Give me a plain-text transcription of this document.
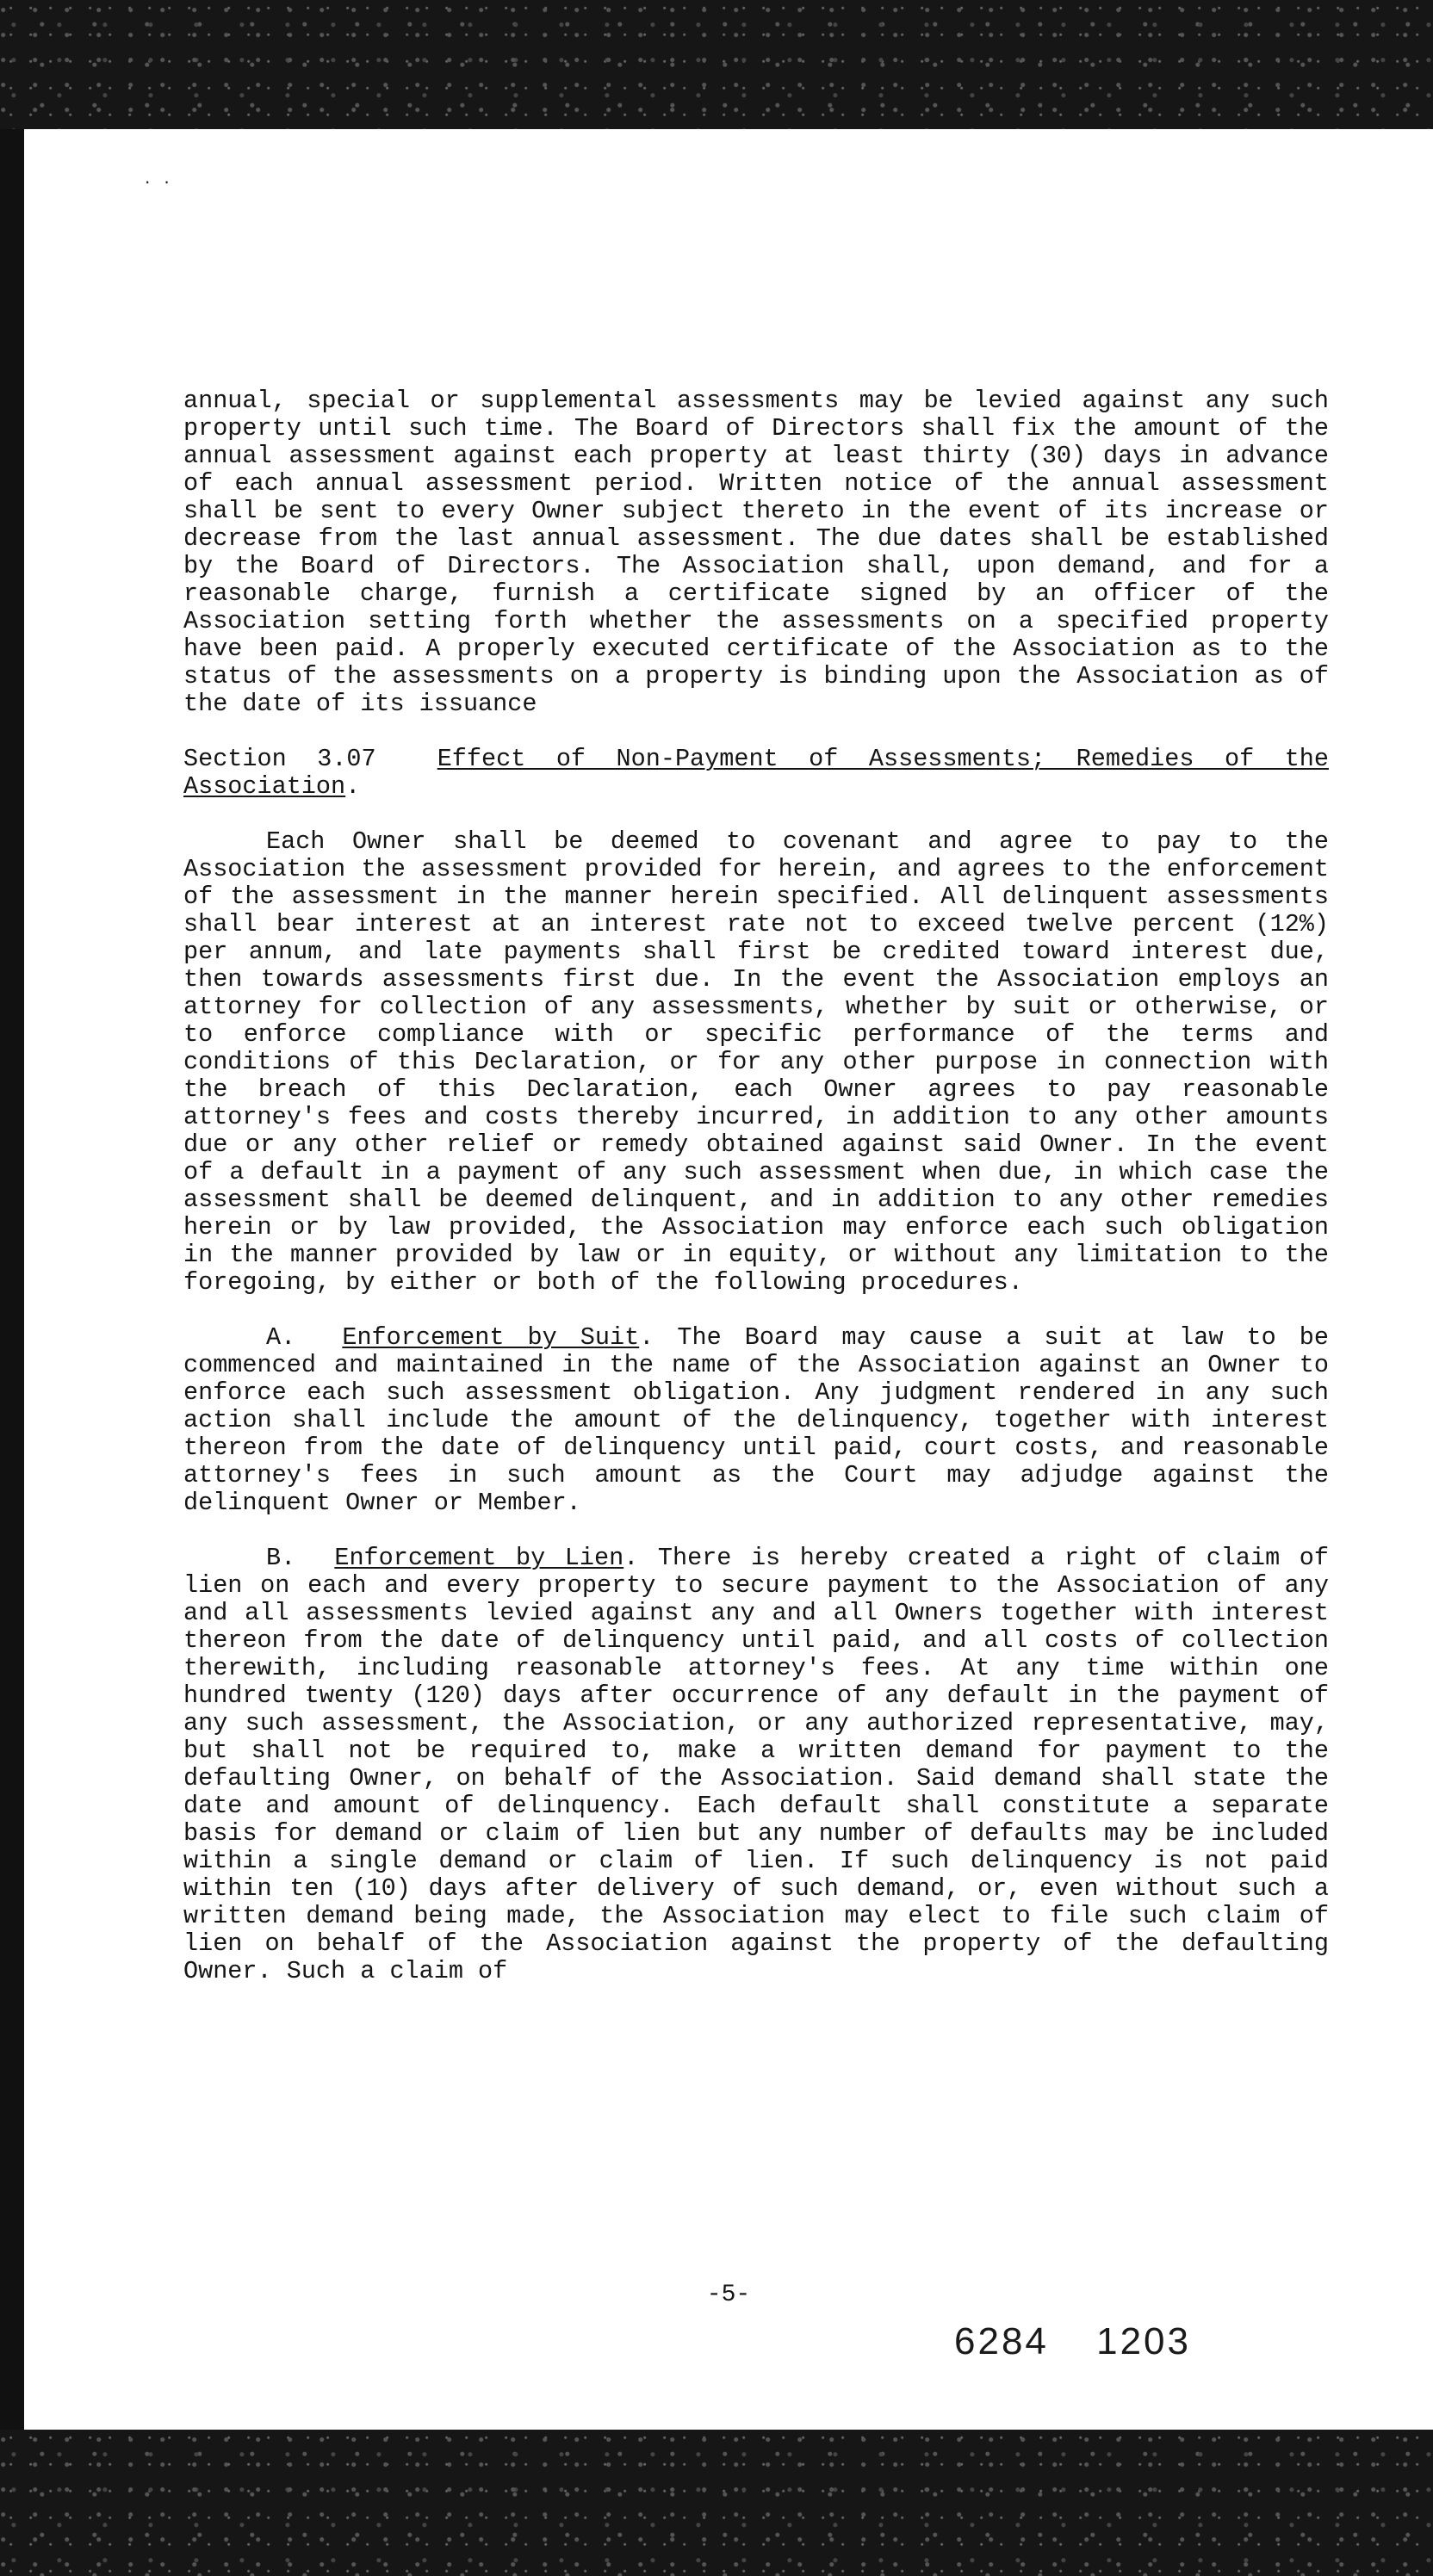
·​·

annual, special or supplemental assessments may be levied against any such property until such time. The Board of Directors shall fix the amount of the annual assessment against each property at least thirty (30) days in advance of each annual assessment period. Written notice of the annual assessment shall be sent to every Owner subject thereto in the event of its increase or decrease from the last annual assessment. The due dates shall be established by the Board of Directors. The Association shall, upon demand, and for a reasonable charge, furnish a certificate signed by an officer of the Association setting forth whether the assessments on a specified property have been paid. A properly executed certificate of the Association as to the status of the assessments on a property is binding upon the Association as of the date of its issuance

Section 3.07 Effect of Non-Payment of Assessments; Remedies of the Association.

Each Owner shall be deemed to covenant and agree to pay to the Association the assessment provided for herein, and agrees to the enforcement of the assessment in the manner herein specified. All delinquent assessments shall bear interest at an interest rate not to exceed twelve percent (12%) per annum, and late payments shall first be credited toward interest due, then towards assessments first due. In the event the Association employs an attorney for collection of any assessments, whether by suit or otherwise, or to enforce compliance with or specific performance of the terms and conditions of this Declaration, or for any other purpose in connection with the breach of this Declaration, each Owner agrees to pay reasonable attorney's fees and costs thereby incurred, in addition to any other amounts due or any other relief or remedy obtained against said Owner. In the event of a default in a payment of any such assessment when due, in which case the assessment shall be deemed delinquent, and in addition to any other remedies herein or by law provided, the Association may enforce each such obligation in the manner provided by law or in equity, or without any limitation to the foregoing, by either or both of the following procedures.

A. Enforcement by Suit. The Board may cause a suit at law to be commenced and maintained in the name of the Association against an Owner to enforce each such assessment obligation. Any judgment rendered in any such action shall include the amount of the delinquency, together with interest thereon from the date of delinquency until paid, court costs, and reasonable attorney's fees in such amount as the Court may adjudge against the delinquent Owner or Member.

B. Enforcement by Lien. There is hereby created a right of claim of lien on each and every property to secure payment to the Association of any and all assessments levied against any and all Owners together with interest thereon from the date of delinquency until paid, and all costs of collection therewith, including reasonable attorney's fees. At any time within one hundred twenty (120) days after occurrence of any default in the payment of any such assessment, the Association, or any authorized representative, may, but shall not be required to, make a written demand for payment to the defaulting Owner, on behalf of the Association. Said demand shall state the date and amount of delinquency. Each default shall constitute a separate basis for demand or claim of lien but any number of defaults may be included within a single demand or claim of lien. If such delinquency is not paid within ten (10) days after delivery of such demand, or, even without such a written demand being made, the Association may elect to file such claim of lien on behalf of the Association against the property of the defaulting Owner. Such a claim of

-5-
6284 1203
